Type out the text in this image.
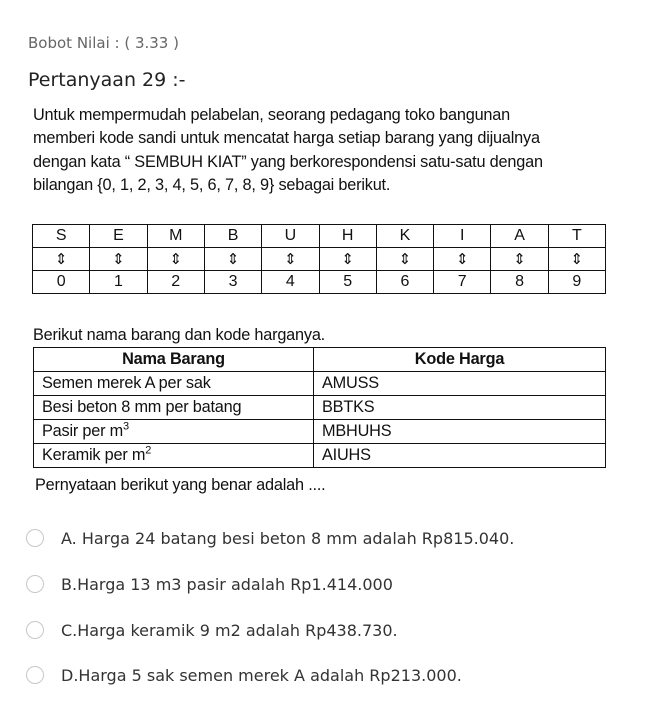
Bobot Nilai : ( 3.33 )
Pertanyaan 29 :-

Untuk mempermudah pelabelan, seorang pedagang toko bangunan

memberi kode sandi untuk mencatat harga setiap barang yang dijualnya

dengan kata “ SEMBUH KIAT” yang berkorespondensi satu-satu dengan

bilangan {0, 1, 2, 3, 4, 5, 6, 7, 8, 9} sebagai berikut.

S	E	M	B	U	H	K	I	A	T
⇕	⇕	⇕	⇕	⇕	⇕	⇕	⇕	⇕	⇕
0	1	2	3	4	5	6	7	8	9
Berikut nama barang dan kode harganya.
Nama Barang	Kode Harga
Semen merek A per sak	AMUSS
Besi beton 8 mm per batang	BBTKS
Pasir per $m^3$	MBHUHS
Keramik per $m^2$	AIUHS
Pernyataan berikut yang benar adalah ....
A. Harga 24 batang besi beton 8 mm adalah Rp815.040.
B.Harga 13 m3 pasir adalah Rp1.414.000
C.Harga keramik 9 m2 adalah Rp438.730.
D.Harga 5 sak semen merek A adalah Rp213.000.
